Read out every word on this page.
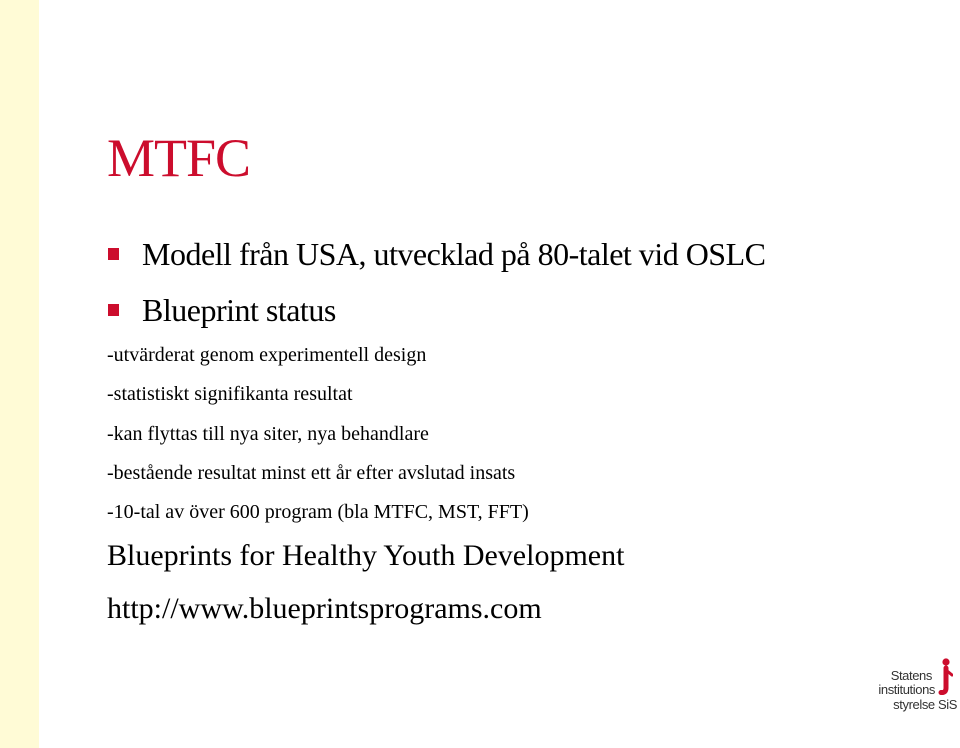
MTFC
Modell från USA, utvecklad på 80-talet vid OSLC
Blueprint status
-utvärderat genom experimentell design
-statistiskt signifikanta resultat
-kan flyttas till nya siter, nya behandlare
-bestående resultat minst ett år efter avslutad insats
-10-tal av över 600 program (bla MTFC, MST, FFT)
Blueprints for Healthy Youth Development
http://www.blueprintsprograms.com
Statens
institutions
styrelse SiS
